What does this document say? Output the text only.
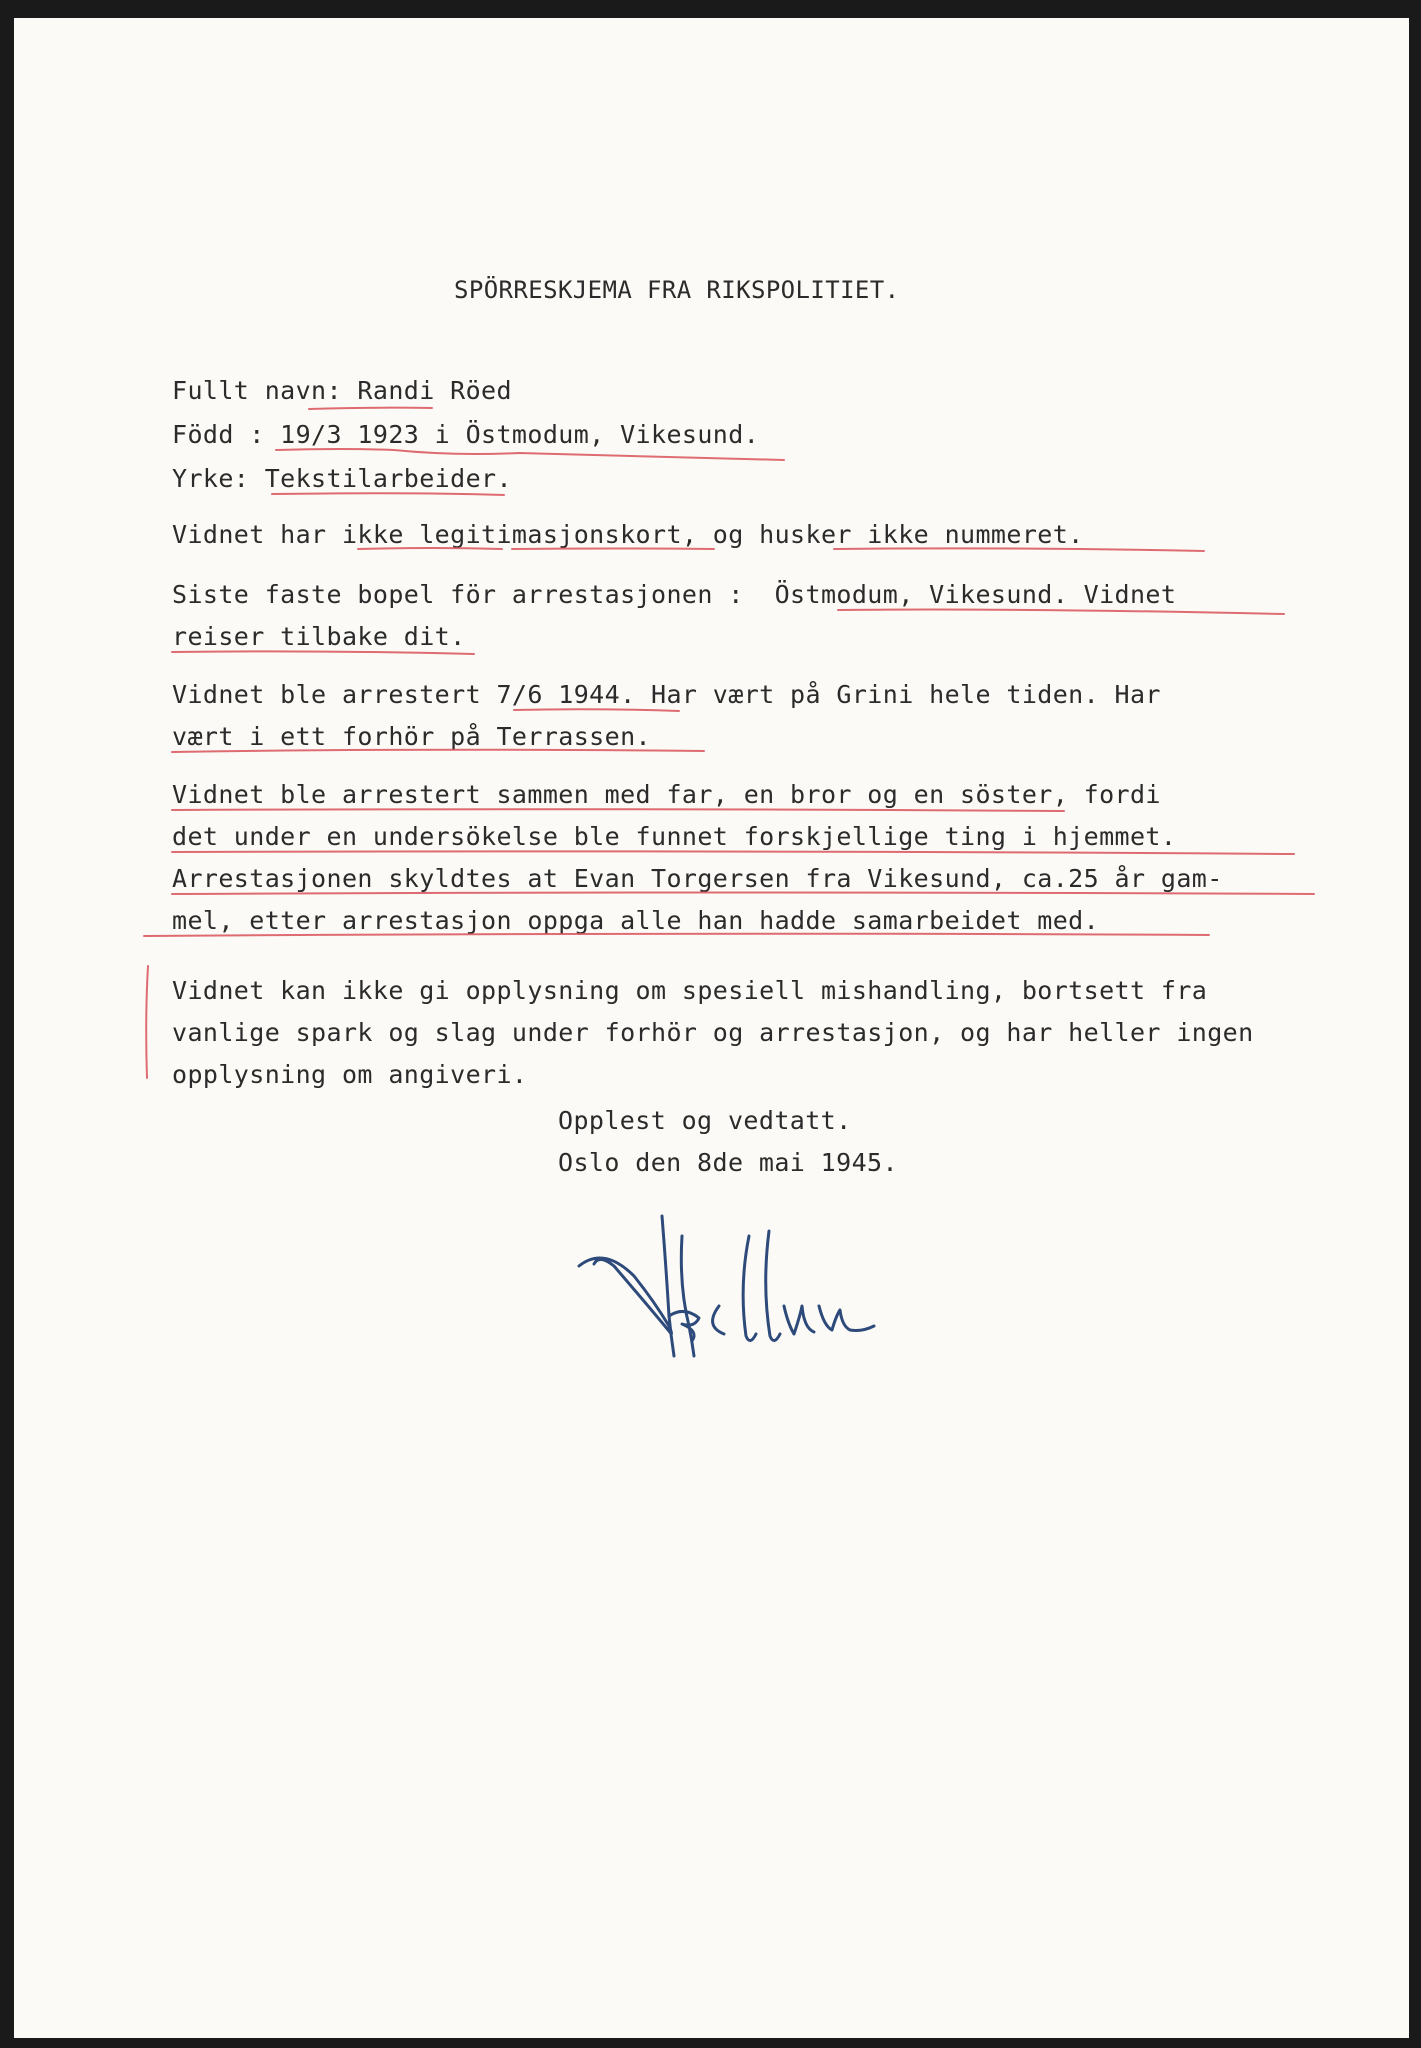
SPÖRRESKJEMA FRA RIKSPOLITIET.
Fullt navn: Randi Röed
Född : 19/3 1923 i Östmodum, Vikesund.
Yrke: Tekstilarbeider.
Vidnet har ikke legitimasjonskort, og husker ikke nummeret.
Siste faste bopel för arrestasjonen :  Östmodum, Vikesund. Vidnet
reiser tilbake dit.
Vidnet ble arrestert 7/6 1944. Har vært på Grini hele tiden. Har
vært i ett forhör på Terrassen.
Vidnet ble arrestert sammen med far, en bror og en söster, fordi
det under en undersökelse ble funnet forskjellige ting i hjemmet.
Arrestasjonen skyldtes at Evan Torgersen fra Vikesund, ca.25 år gam-
mel, etter arrestasjon oppga alle han hadde samarbeidet med.
Vidnet kan ikke gi opplysning om spesiell mishandling, bortsett fra
vanlige spark og slag under forhör og arrestasjon, og har heller ingen
opplysning om angiveri.
Opplest og vedtatt.
Oslo den 8de mai 1945.
